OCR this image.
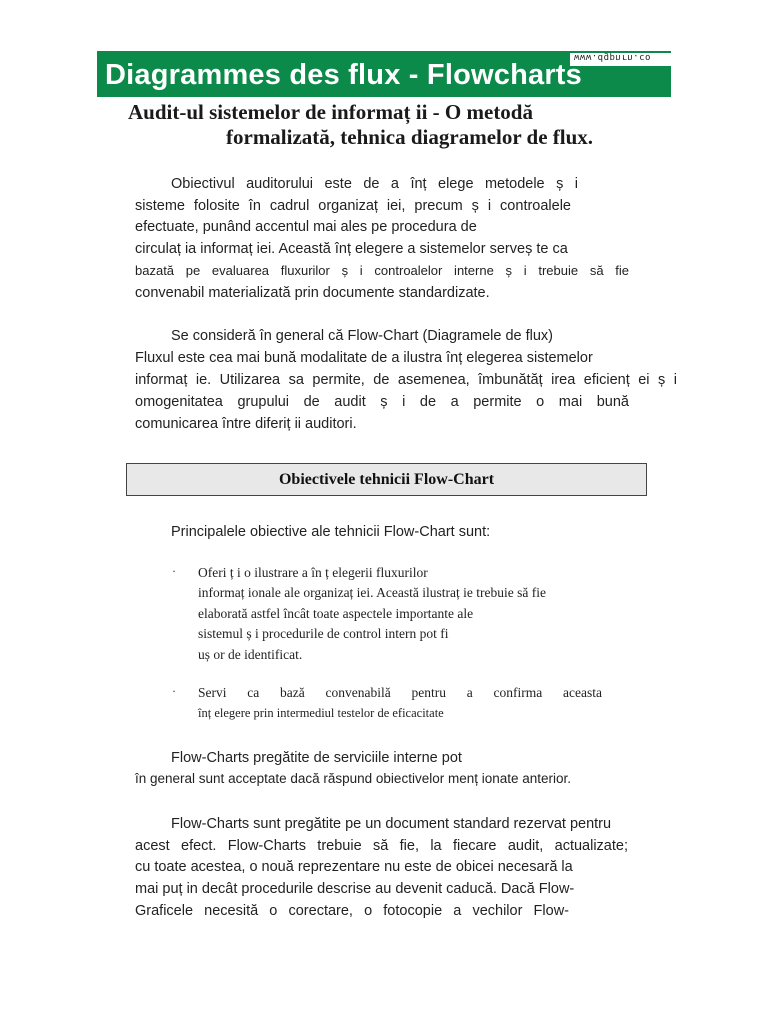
www.dgpnrn.co
Diagrammes des flux - Flowcharts
Audit-ul sistemelor de informaț ii - O metodă
formalizată, tehnica diagramelor de flux.
Obiectivul auditorului este de a înț elege metodele ș i
sisteme folosite în cadrul organizaț iei, precum ș i controalele
efectuate, punând accentul mai ales pe procedura de
circulaț ia informaț iei. Această înț elegere a sistemelor serveș te ca
bazată pe evaluarea fluxurilor ș i controalelor interne ș i trebuie să fie
convenabil materializată prin documente standardizate.
Se consideră în general că Flow-Chart (Diagramele de flux)
Fluxul este cea mai bună modalitate de a ilustra înț elegerea sistemelor
informaț ie. Utilizarea sa permite, de asemenea, îmbunătăț irea eficienț ei ș i
omogenitatea grupului de audit ș i de a permite o mai bună
comunicarea între diferiț ii auditori.
Obiectivele tehnicii Flow-Chart
Principalele obiective ale tehnicii Flow-Chart sunt:
· Oferi ț i o ilustrare a în ț elegerii fluxurilor
informaț ionale ale organizaț iei. Această ilustraț ie trebuie să fie
elaborată astfel încât toate aspectele importante ale
sistemul ș i procedurile de control intern pot fi
uș or de identificat.
· Servi ca bază convenabilă pentru a confirma aceasta
înț elegere prin intermediul testelor de eficacitate
Flow-Charts pregătite de serviciile interne pot
în general sunt acceptate dacă răspund obiectivelor menț ionate anterior.
Flow-Charts sunt pregătite pe un document standard rezervat pentru
acest efect. Flow-Charts trebuie să fie, la fiecare audit, actualizate;
cu toate acestea, o nouă reprezentare nu este de obicei necesară la
mai puț in decât procedurile descrise au devenit caducă. Dacă Flow-
Graficele necesită o corectare, o fotocopie a vechilor Flow-
